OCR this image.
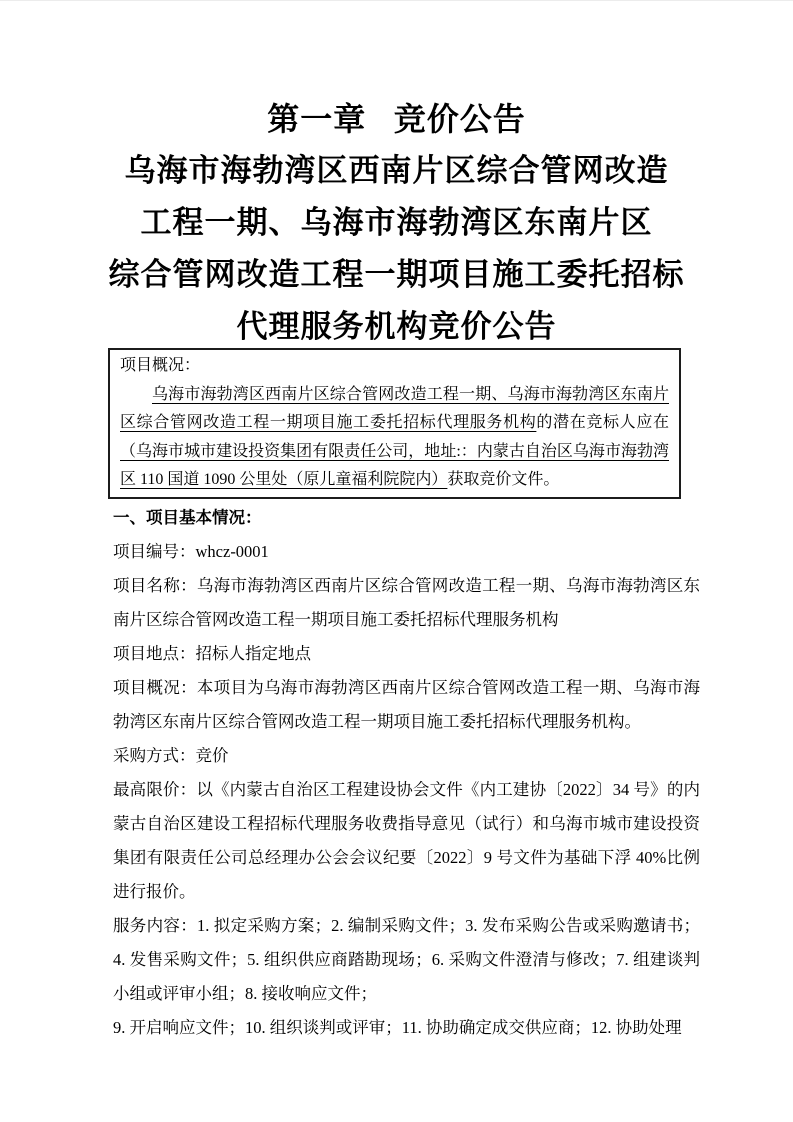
第一章 竞价公告
乌海市海勃湾区西南片区综合管网改造
工程一期、乌海市海勃湾区东南片区
综合管网改造工程一期项目施工委托招标
代理服务机构竞价公告
项目概况：

乌海市海勃湾区西南片区综合管网改造工程一期、乌海市海勃湾区东南片区综合管网改造工程一期项目施工委托招标代理服务机构的潜在竞标人应在（乌海市城市建设投资集团有限责任公司，地址:：内蒙古自治区乌海市海勃湾区 110 国道 1090 公里处（原儿童福利院院内）获取竞价文件。

一、项目基本情况：

项目编号：whcz-0001

项目名称：乌海市海勃湾区西南片区综合管网改造工程一期、乌海市海勃湾区东南片区综合管网改造工程一期项目施工委托招标代理服务机构

项目地点：招标人指定地点

项目概况：本项目为乌海市海勃湾区西南片区综合管网改造工程一期、乌海市海勃湾区东南片区综合管网改造工程一期项目施工委托招标代理服务机构。

采购方式：竞价

最高限价：以《内蒙古自治区工程建设协会文件《内工建协〔2022〕34 号》的内蒙古自治区建设工程招标代理服务收费指导意见（试行）和乌海市城市建设投资集团有限责任公司总经理办公会会议纪要〔2022〕9 号文件为基础下浮 40%比例进行报价。

服务内容：1. 拟定采购方案；2. 编制采购文件；3. 发布采购公告或采购邀请书；4. 发售采购文件；5. 组织供应商踏勘现场；6. 采购文件澄清与修改；7. 组建谈判小组或评审小组；8. 接收响应文件；

9. 开启响应文件；10. 组织谈判或评审；11. 协助确定成交供应商；12. 协助处理
